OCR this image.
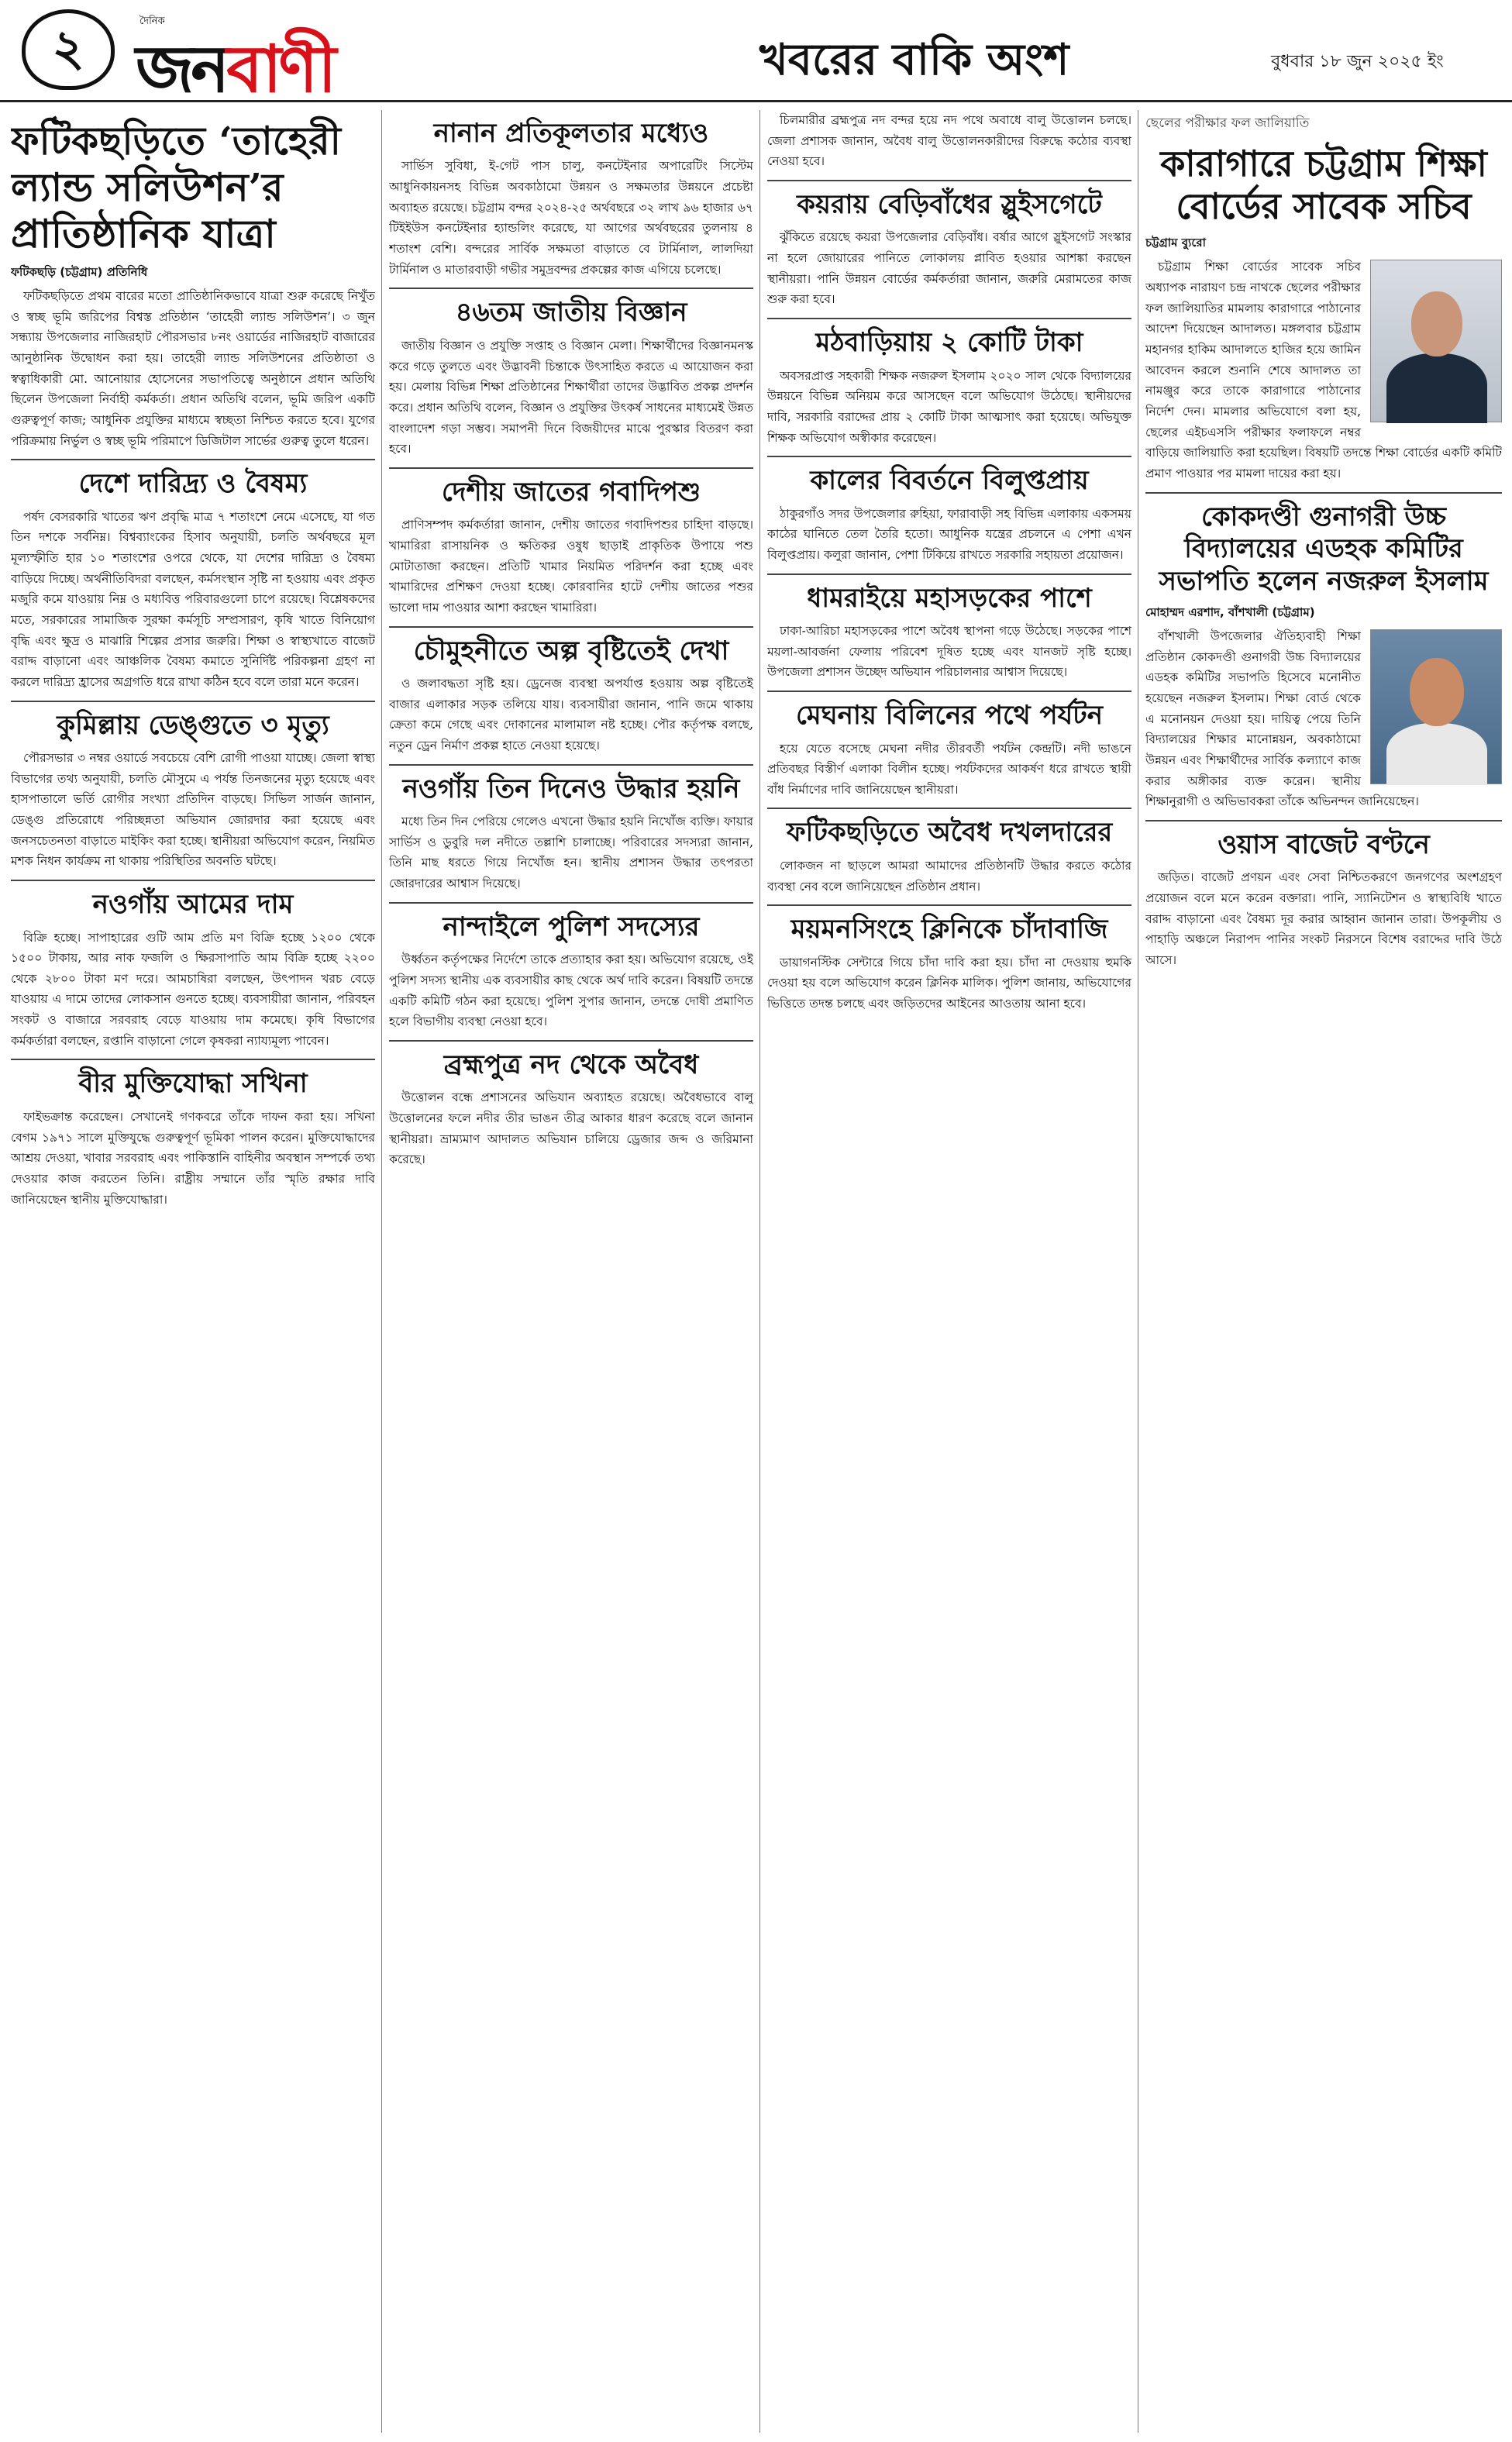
২	দৈনিক
জনবাণী	খবরের বাকি অংশ	বুধবার ১৮ জুন ২০২৫ ইং
ফটিকছড়িতে ‘তাহেরী ল্যান্ড সলিউশন’র প্রাতিষ্ঠানিক যাত্রা
ফটিকছড়ি (চট্টগ্রাম) প্রতিনিধি

ফটিকছড়িতে প্রথম বারের মতো প্রাতিষ্ঠানিকভাবে যাত্রা শুরু করেছে নিখুঁত ও স্বচ্ছ ভূমি জরিপের বিশ্বস্ত প্রতিষ্ঠান ‘তাহেরী ল্যান্ড সলিউশন’। ৩ জুন সন্ধ্যায় উপজেলার নাজিরহাট পৌরসভার ৮নং ওয়ার্ডের নাজিরহাট বাজারের আনুষ্ঠানিক উদ্বোধন করা হয়। তাহেরী ল্যান্ড সলিউশনের প্রতিষ্ঠাতা ও স্বত্বাধিকারী মো. আনোয়ার হোসেনের সভাপতিত্বে অনুষ্ঠানে প্রধান অতিথি ছিলেন উপজেলা নির্বাহী কর্মকর্তা। প্রধান অতিথি বলেন, ভূমি জরিপ একটি গুরুত্বপূর্ণ কাজ; আধুনিক প্রযুক্তির মাধ্যমে স্বচ্ছতা নিশ্চিত করতে হবে। যুগের পরিক্রমায় নির্ভুল ও স্বচ্ছ ভূমি পরিমাপে ডিজিটাল সার্ভের গুরুত্ব তুলে ধরেন।

দেশে দারিদ্র্য ও বৈষম্য

পর্ষদ বেসরকারি খাতের ঋণ প্রবৃদ্ধি মাত্র ৭ শতাংশে নেমে এসেছে, যা গত তিন দশকে সর্বনিম্ন। বিশ্বব্যাংকের হিসাব অনুযায়ী, চলতি অর্থবছরে মূল মূল্যস্ফীতি হার ১০ শতাংশের ওপরে থেকে, যা দেশের দারিদ্র্য ও বৈষম্য বাড়িয়ে দিচ্ছে। অর্থনীতিবিদরা বলছেন, কর্মসংস্থান সৃষ্টি না হওয়ায় এবং প্রকৃত মজুরি কমে যাওয়ায় নিম্ন ও মধ্যবিত্ত পরিবারগুলো চাপে রয়েছে। বিশ্লেষকদের মতে, সরকারের সামাজিক সুরক্ষা কর্মসূচি সম্প্রসারণ, কৃষি খাতে বিনিয়োগ বৃদ্ধি এবং ক্ষুদ্র ও মাঝারি শিল্পের প্রসার জরুরি। শিক্ষা ও স্বাস্থ্যখাতে বাজেট বরাদ্দ বাড়ানো এবং আঞ্চলিক বৈষম্য কমাতে সুনির্দিষ্ট পরিকল্পনা গ্রহণ না করলে দারিদ্র্য হ্রাসের অগ্রগতি ধরে রাখা কঠিন হবে বলে তারা মনে করেন।

কুমিল্লায় ডেঙ্গুতে ৩ মৃত্যু

পৌরসভার ৩ নম্বর ওয়ার্ডে সবচেয়ে বেশি রোগী পাওয়া যাচ্ছে। জেলা স্বাস্থ্য বিভাগের তথ্য অনুযায়ী, চলতি মৌসুমে এ পর্যন্ত তিনজনের মৃত্যু হয়েছে এবং হাসপাতালে ভর্তি রোগীর সংখ্যা প্রতিদিন বাড়ছে। সিভিল সার্জন জানান, ডেঙ্গু প্রতিরোধে পরিচ্ছন্নতা অভিযান জোরদার করা হয়েছে এবং জনসচেতনতা বাড়াতে মাইকিং করা হচ্ছে। স্থানীয়রা অভিযোগ করেন, নিয়মিত মশক নিধন কার্যক্রম না থাকায় পরিস্থিতির অবনতি ঘটছে।

নওগাঁয় আমের দাম

বিক্রি হচ্ছে। সাপাহারের গুটি আম প্রতি মণ বিক্রি হচ্ছে ১২০০ থেকে ১৫০০ টাকায়, আর নাক ফজলি ও ক্ষিরসাপাতি আম বিক্রি হচ্ছে ২২০০ থেকে ২৮০০ টাকা মণ দরে। আমচাষিরা বলছেন, উৎপাদন খরচ বেড়ে যাওয়ায় এ দামে তাদের লোকসান গুনতে হচ্ছে। ব্যবসায়ীরা জানান, পরিবহন সংকট ও বাজারে সরবরাহ বেড়ে যাওয়ায় দাম কমেছে। কৃষি বিভাগের কর্মকর্তারা বলছেন, রপ্তানি বাড়ানো গেলে কৃষকরা ন্যায্যমূল্য পাবেন।

বীর মুক্তিযোদ্ধা সখিনা

ফাইভক্রান্ত করেছেন। সেখানেই গণকবরে তাঁকে দাফন করা হয়। সখিনা বেগম ১৯৭১ সালে মুক্তিযুদ্ধে গুরুত্বপূর্ণ ভূমিকা পালন করেন। মুক্তিযোদ্ধাদের আশ্রয় দেওয়া, খাবার সরবরাহ এবং পাকিস্তানি বাহিনীর অবস্থান সম্পর্কে তথ্য দেওয়ার কাজ করতেন তিনি। রাষ্ট্রীয় সম্মানে তাঁর স্মৃতি রক্ষার দাবি জানিয়েছেন স্থানীয় মুক্তিযোদ্ধারা।

নানান প্রতিকূলতার মধ্যেও

সার্ভিস সুবিধা, ই-গেট পাস চালু, কনটেইনার অপারেটিং সিস্টেম আধুনিকায়নসহ বিভিন্ন অবকাঠামো উন্নয়ন ও সক্ষমতার উন্নয়নে প্রচেষ্টা অব্যাহত রয়েছে। চট্টগ্রাম বন্দর ২০২৪-২৫ অর্থবছরে ৩২ লাখ ৯৬ হাজার ৬৭ টিইইউস কনটেইনার হ্যান্ডলিং করেছে, যা আগের অর্থবছরের তুলনায় ৪ শতাংশ বেশি। বন্দরের সার্বিক সক্ষমতা বাড়াতে বে টার্মিনাল, লালদিয়া টার্মিনাল ও মাতারবাড়ী গভীর সমুদ্রবন্দর প্রকল্পের কাজ এগিয়ে চলেছে।

৪৬তম জাতীয় বিজ্ঞান

জাতীয় বিজ্ঞান ও প্রযুক্তি সপ্তাহ ও বিজ্ঞান মেলা। শিক্ষার্থীদের বিজ্ঞানমনস্ক করে গড়ে তুলতে এবং উদ্ভাবনী চিন্তাকে উৎসাহিত করতে এ আয়োজন করা হয়। মেলায় বিভিন্ন শিক্ষা প্রতিষ্ঠানের শিক্ষার্থীরা তাদের উদ্ভাবিত প্রকল্প প্রদর্শন করে। প্রধান অতিথি বলেন, বিজ্ঞান ও প্রযুক্তির উৎকর্ষ সাধনের মাধ্যমেই উন্নত বাংলাদেশ গড়া সম্ভব। সমাপনী দিনে বিজয়ীদের মাঝে পুরস্কার বিতরণ করা হবে।

দেশীয় জাতের গবাদিপশু

প্রাণিসম্পদ কর্মকর্তারা জানান, দেশীয় জাতের গবাদিপশুর চাহিদা বাড়ছে। খামারিরা রাসায়নিক ও ক্ষতিকর ওষুধ ছাড়াই প্রাকৃতিক উপায়ে পশু মোটাতাজা করছেন। প্রতিটি খামার নিয়মিত পরিদর্শন করা হচ্ছে এবং খামারিদের প্রশিক্ষণ দেওয়া হচ্ছে। কোরবানির হাটে দেশীয় জাতের পশুর ভালো দাম পাওয়ার আশা করছেন খামারিরা।

চৌমুহনীতে অল্প বৃষ্টিতেই দেখা

ও জলাবদ্ধতা সৃষ্টি হয়। ড্রেনেজ ব্যবস্থা অপর্যাপ্ত হওয়ায় অল্প বৃষ্টিতেই বাজার এলাকার সড়ক তলিয়ে যায়। ব্যবসায়ীরা জানান, পানি জমে থাকায় ক্রেতা কমে গেছে এবং দোকানের মালামাল নষ্ট হচ্ছে। পৌর কর্তৃপক্ষ বলছে, নতুন ড্রেন নির্মাণ প্রকল্প হাতে নেওয়া হয়েছে।

নওগাঁয় তিন দিনেও উদ্ধার হয়নি

মধ্যে তিন দিন পেরিয়ে গেলেও এখনো উদ্ধার হয়নি নিখোঁজ ব্যক্তি। ফায়ার সার্ভিস ও ডুবুরি দল নদীতে তল্লাশি চালাচ্ছে। পরিবারের সদস্যরা জানান, তিনি মাছ ধরতে গিয়ে নিখোঁজ হন। স্থানীয় প্রশাসন উদ্ধার তৎপরতা জোরদারের আশ্বাস দিয়েছে।

নান্দাইলে পুলিশ সদস্যের

উর্ধ্বতন কর্তৃপক্ষের নির্দেশে তাকে প্রত্যাহার করা হয়। অভিযোগ রয়েছে, ওই পুলিশ সদস্য স্থানীয় এক ব্যবসায়ীর কাছ থেকে অর্থ দাবি করেন। বিষয়টি তদন্তে একটি কমিটি গঠন করা হয়েছে। পুলিশ সুপার জানান, তদন্তে দোষী প্রমাণিত হলে বিভাগীয় ব্যবস্থা নেওয়া হবে।

ব্রহ্মপুত্র নদ থেকে অবৈধ

উত্তোলন বন্ধে প্রশাসনের অভিযান অব্যাহত রয়েছে। অবৈধভাবে বালু উত্তোলনের ফলে নদীর তীর ভাঙন তীব্র আকার ধারণ করেছে বলে জানান স্থানীয়রা। ভ্রাম্যমাণ আদালত অভিযান চালিয়ে ড্রেজার জব্দ ও জরিমানা করেছে।

চিলমারীর ব্রহ্মপুত্র নদ বন্দর হয়ে নদ পথে অবাধে বালু উত্তোলন চলছে। জেলা প্রশাসক জানান, অবৈধ বালু উত্তোলনকারীদের বিরুদ্ধে কঠোর ব্যবস্থা নেওয়া হবে।

কয়রায় বেড়িবাঁধের স্লুইসগেটে

ঝুঁকিতে রয়েছে কয়রা উপজেলার বেড়িবাঁধ। বর্ষার আগে স্লুইসগেট সংস্কার না হলে জোয়ারের পানিতে লোকালয় প্লাবিত হওয়ার আশঙ্কা করছেন স্থানীয়রা। পানি উন্নয়ন বোর্ডের কর্মকর্তারা জানান, জরুরি মেরামতের কাজ শুরু করা হবে।

মঠবাড়িয়ায় ২ কোটি টাকা

অবসরপ্রাপ্ত সহকারী শিক্ষক নজরুল ইসলাম ২০২০ সাল থেকে বিদ্যালয়ের উন্নয়নে বিভিন্ন অনিয়ম করে আসছেন বলে অভিযোগ উঠেছে। স্থানীয়দের দাবি, সরকারি বরাদ্দের প্রায় ২ কোটি টাকা আত্মসাৎ করা হয়েছে। অভিযুক্ত শিক্ষক অভিযোগ অস্বীকার করেছেন।

কালের বিবর্তনে বিলুপ্তপ্রায়

ঠাকুরগাঁও সদর উপজেলার রুহিয়া, ফারাবাড়ী সহ বিভিন্ন এলাকায় একসময় কাঠের ঘানিতে তেল তৈরি হতো। আধুনিক যন্ত্রের প্রচলনে এ পেশা এখন বিলুপ্তপ্রায়। কলুরা জানান, পেশা টিকিয়ে রাখতে সরকারি সহায়তা প্রয়োজন।

ধামরাইয়ে মহাসড়কের পাশে

ঢাকা-আরিচা মহাসড়কের পাশে অবৈধ স্থাপনা গড়ে উঠেছে। সড়কের পাশে ময়লা-আবর্জনা ফেলায় পরিবেশ দূষিত হচ্ছে এবং যানজট সৃষ্টি হচ্ছে। উপজেলা প্রশাসন উচ্ছেদ অভিযান পরিচালনার আশ্বাস দিয়েছে।

মেঘনায় বিলিনের পথে পর্যটন

হয়ে যেতে বসেছে মেঘনা নদীর তীরবর্তী পর্যটন কেন্দ্রটি। নদী ভাঙনে প্রতিবছর বিস্তীর্ণ এলাকা বিলীন হচ্ছে। পর্যটকদের আকর্ষণ ধরে রাখতে স্থায়ী বাঁধ নির্মাণের দাবি জানিয়েছেন স্থানীয়রা।

ফটিকছড়িতে অবৈধ দখলদারের

লোকজন না ছাড়লে আমরা আমাদের প্রতিষ্ঠানটি উদ্ধার করতে কঠোর ব্যবস্থা নেব বলে জানিয়েছেন প্রতিষ্ঠান প্রধান।

ময়মনসিংহে ক্লিনিকে চাঁদাবাজি

ডায়াগনস্টিক সেন্টারে গিয়ে চাঁদা দাবি করা হয়। চাঁদা না দেওয়ায় হুমকি দেওয়া হয় বলে অভিযোগ করেন ক্লিনিক মালিক। পুলিশ জানায়, অভিযোগের ভিত্তিতে তদন্ত চলছে এবং জড়িতদের আইনের আওতায় আনা হবে।

ছেলের পরীক্ষার ফল জালিয়াতি
কারাগারে চট্টগ্রাম শিক্ষা বোর্ডের সাবেক সচিব
চট্টগ্রাম ব্যুরো

চট্টগ্রাম শিক্ষা বোর্ডের সাবেক সচিব অধ্যাপক নারায়ণ চন্দ্র নাথকে ছেলের পরীক্ষার ফল জালিয়াতির মামলায় কারাগারে পাঠানোর আদেশ দিয়েছেন আদালত। মঙ্গলবার চট্টগ্রাম মহানগর হাকিম আদালতে হাজির হয়ে জামিন আবেদন করলে শুনানি শেষে আদালত তা নামঞ্জুর করে তাকে কারাগারে পাঠানোর নির্দেশ দেন। মামলার অভিযোগে বলা হয়, ছেলের এইচএসসি পরীক্ষার ফলাফলে নম্বর বাড়িয়ে জালিয়াতি করা হয়েছিল। বিষয়টি তদন্তে শিক্ষা বোর্ডের একটি কমিটি প্রমাণ পাওয়ার পর মামলা দায়ের করা হয়।

কোকদণ্ডী গুনাগরী উচ্চ বিদ্যালয়ের এডহক কমিটির সভাপতি হলেন নজরুল ইসলাম
মোহাম্মদ এরশাদ, বাঁশখালী (চট্টগ্রাম)

বাঁশখালী উপজেলার ঐতিহ্যবাহী শিক্ষা প্রতিষ্ঠান কোকদণ্ডী গুনাগরী উচ্চ বিদ্যালয়ের এডহক কমিটির সভাপতি হিসেবে মনোনীত হয়েছেন নজরুল ইসলাম। শিক্ষা বোর্ড থেকে এ মনোনয়ন দেওয়া হয়। দায়িত্ব পেয়ে তিনি বিদ্যালয়ের শিক্ষার মানোন্নয়ন, অবকাঠামো উন্নয়ন এবং শিক্ষার্থীদের সার্বিক কল্যাণে কাজ করার অঙ্গীকার ব্যক্ত করেন। স্থানীয় শিক্ষানুরাগী ও অভিভাবকরা তাঁকে অভিনন্দন জানিয়েছেন।

ওয়াস বাজেট বণ্টনে

জড়িত। বাজেট প্রণয়ন এবং সেবা নিশ্চিতকরণে জনগণের অংশগ্রহণ প্রয়োজন বলে মনে করেন বক্তারা। পানি, স্যানিটেশন ও স্বাস্থ্যবিধি খাতে বরাদ্দ বাড়ানো এবং বৈষম্য দূর করার আহ্বান জানান তারা। উপকূলীয় ও পাহাড়ি অঞ্চলে নিরাপদ পানির সংকট নিরসনে বিশেষ বরাদ্দের দাবি উঠে আসে।
